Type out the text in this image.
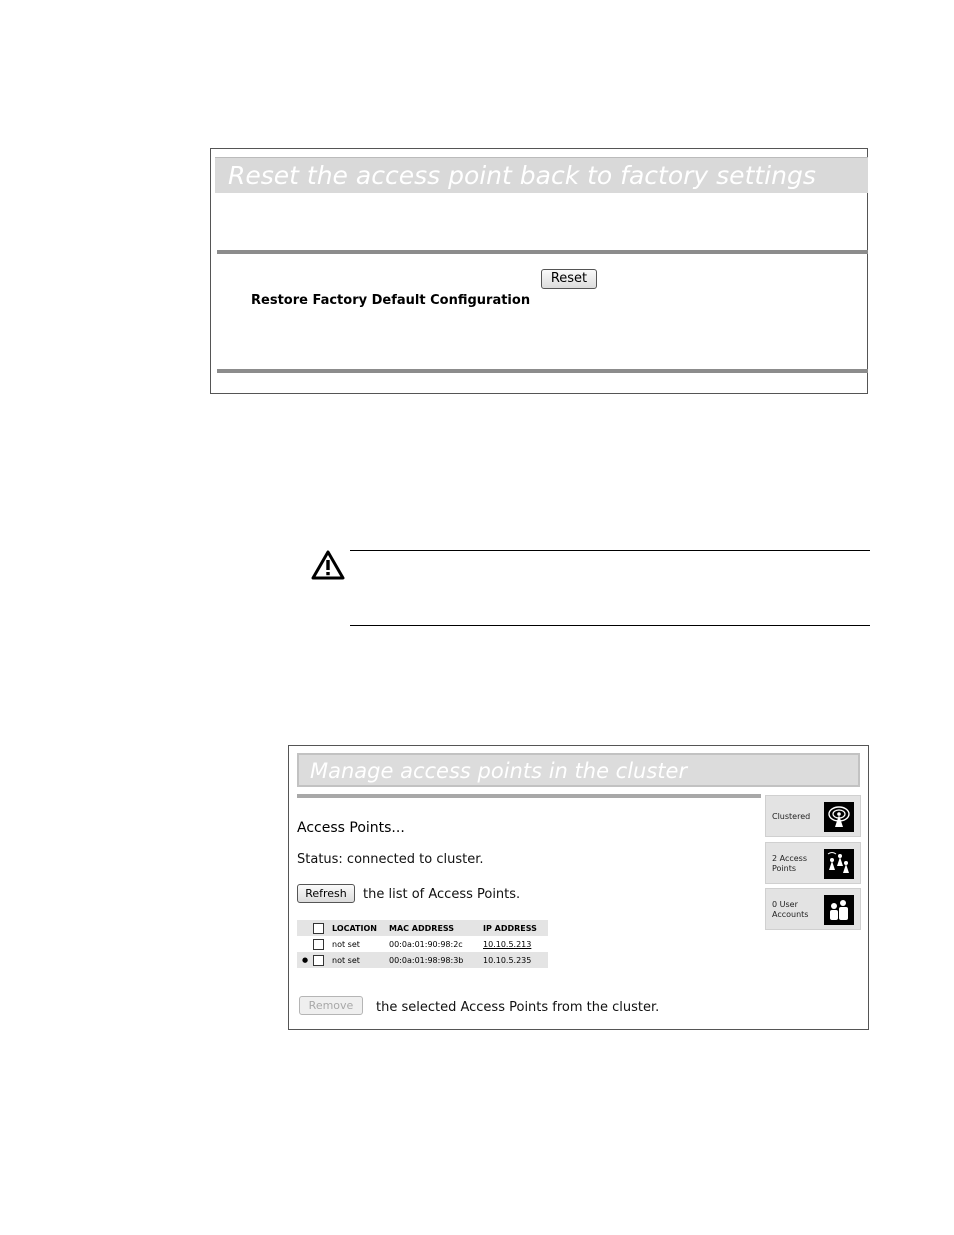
Reset the access point back to factory settings
Reset
Restore Factory Default Configuration
Manage access points in the cluster
Clustered
2 Access Points
0 User Accounts
Access Points...
Status: connected to cluster.
Refresh	the list of Access Points.
		LOCATION	MAC ADDRESS	IP ADDRESS
		not set	00:0a:01:90:98:2c	10.10.5.213
●		not set	00:0a:01:98:98:3b	10.10.5.235
Remove	the selected Access Points from the cluster.
